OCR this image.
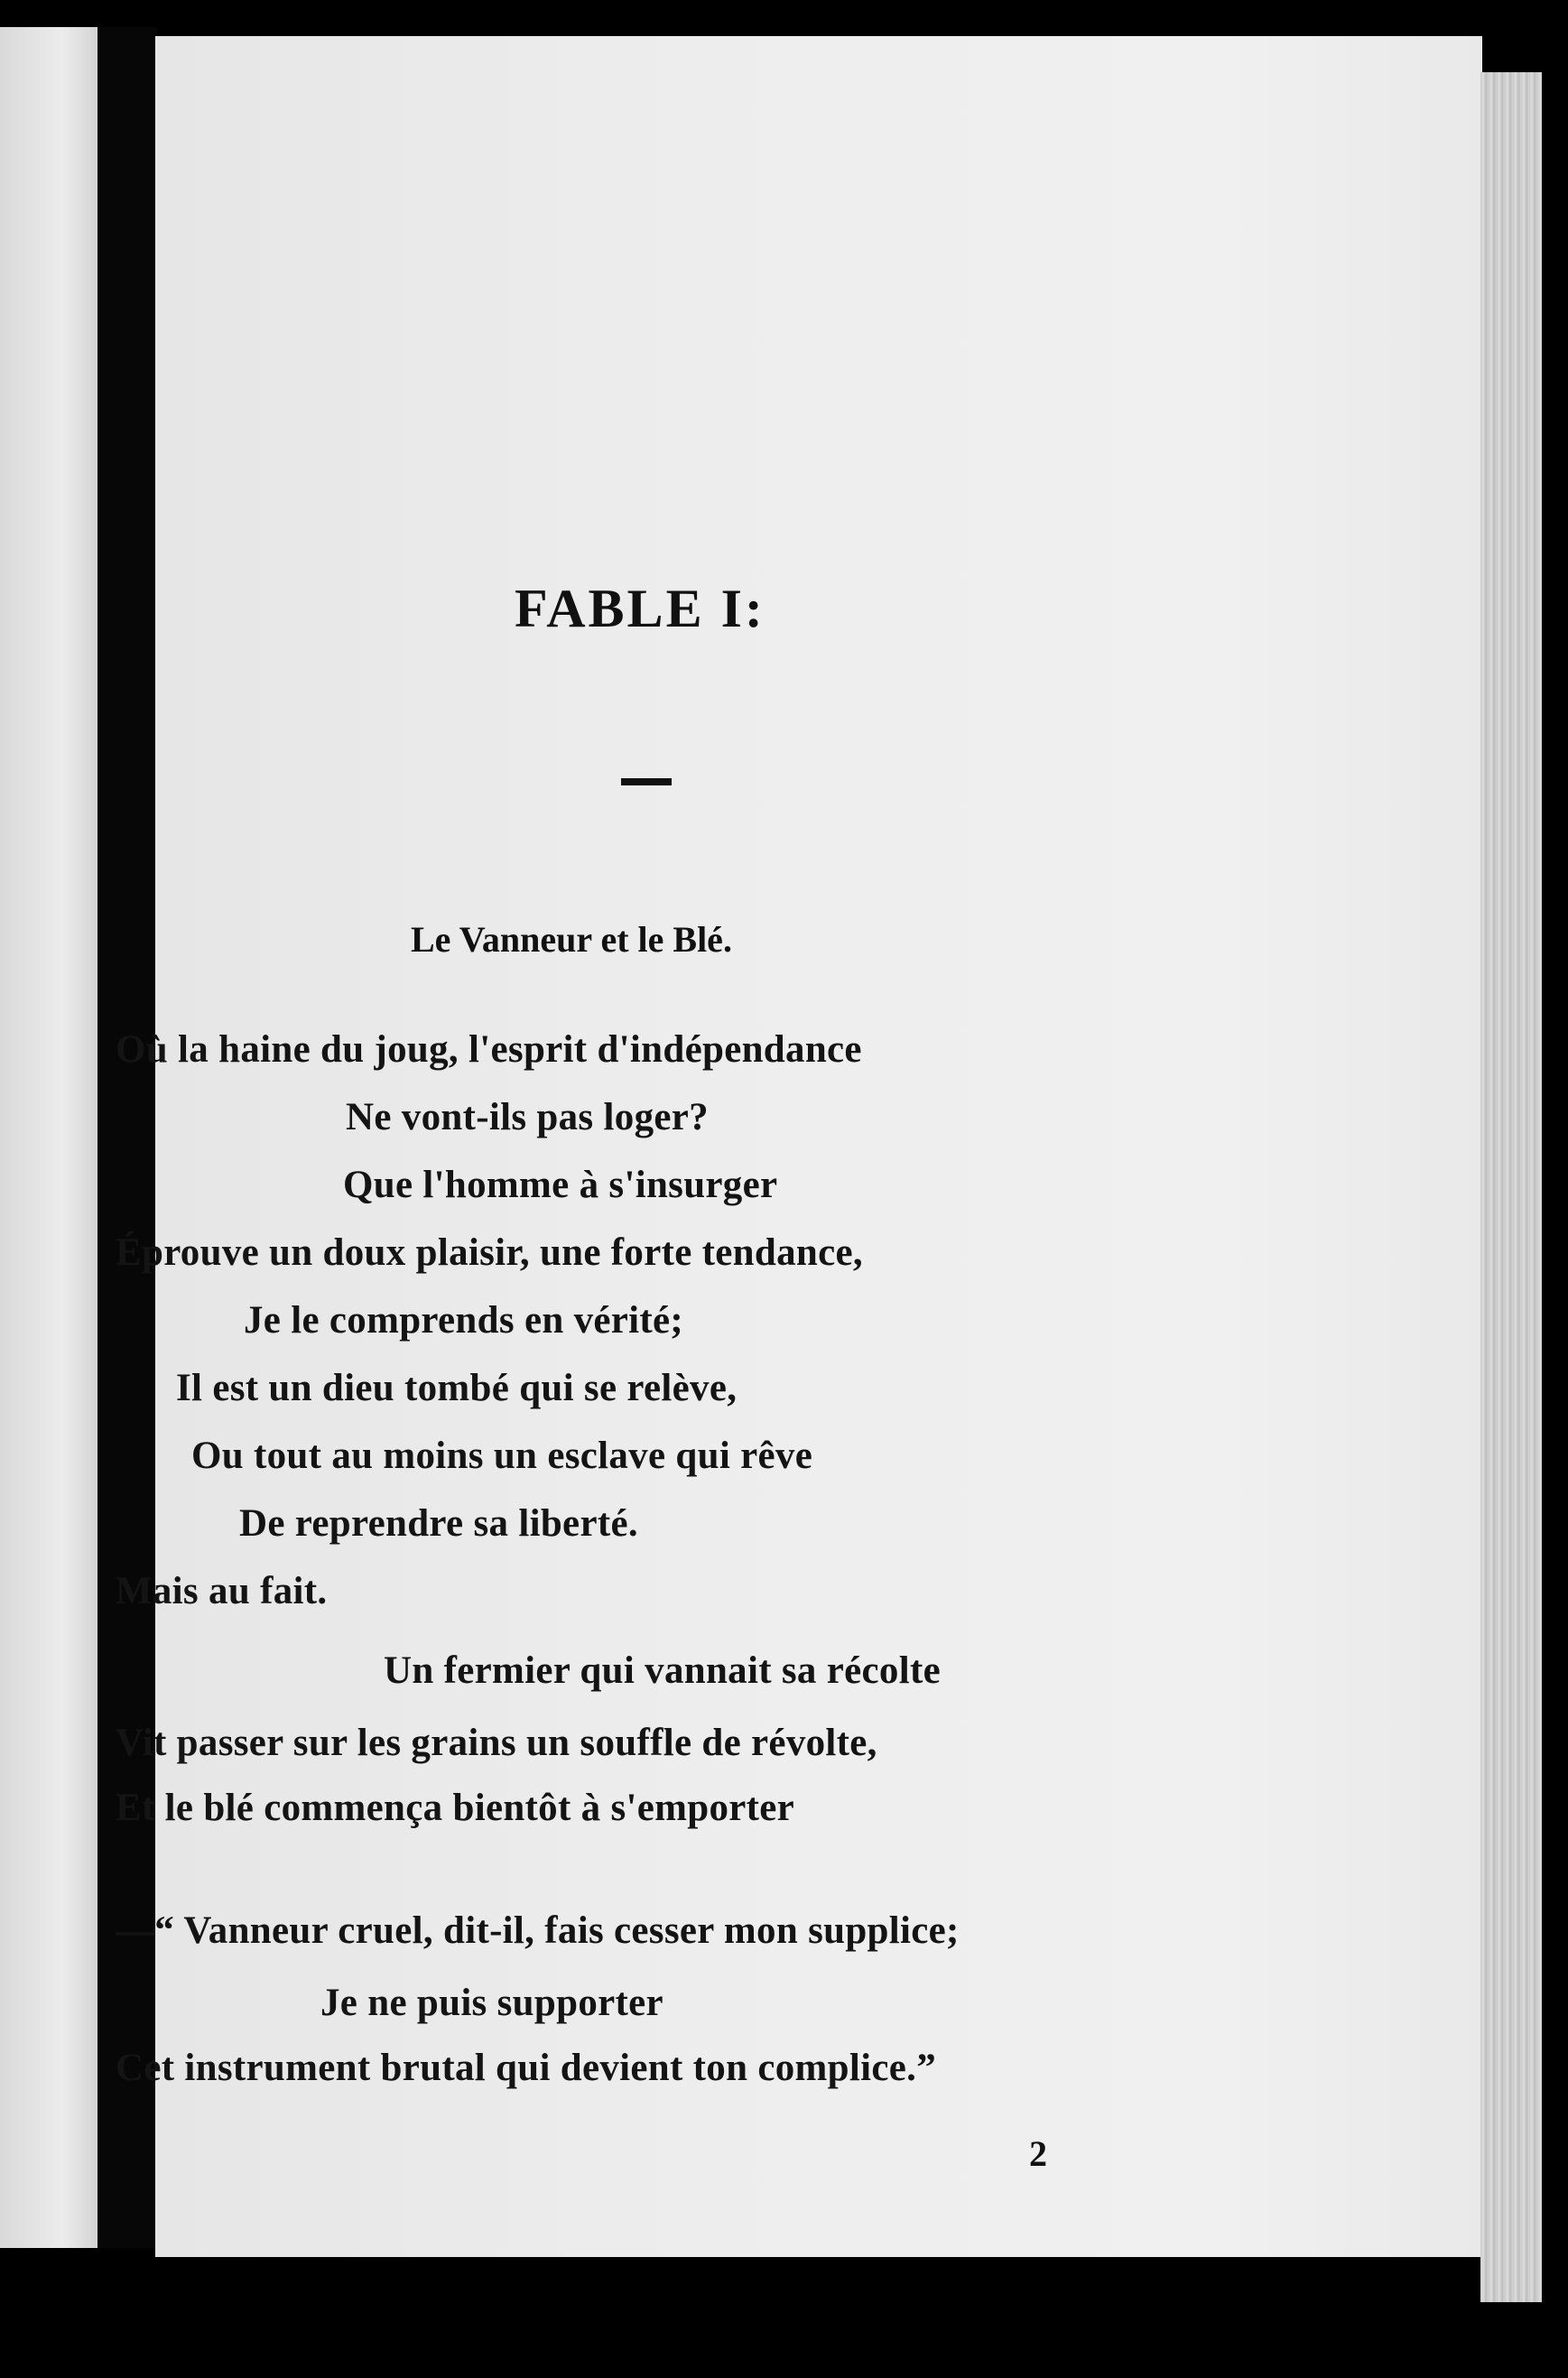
FABLE I:
Le Vanneur et le Blé.
Où la haine du joug, l'esprit d'indépendance
Ne vont-ils pas loger?
Que l'homme à s'insurger
Éprouve un doux plaisir, une forte tendance,
Je le comprends en vérité;
Il est un dieu tombé qui se relève,
Ou tout au moins un esclave qui rêve
De reprendre sa liberté.
Mais au fait.
Un fermier qui vannait sa récolte
Vit passer sur les grains un souffle de révolte,
Et le blé commença bientôt à s'emporter
—“ Vanneur cruel, dit-il, fais cesser mon supplice;
Je ne puis supporter
Cet instrument brutal qui devient ton complice.”
2
